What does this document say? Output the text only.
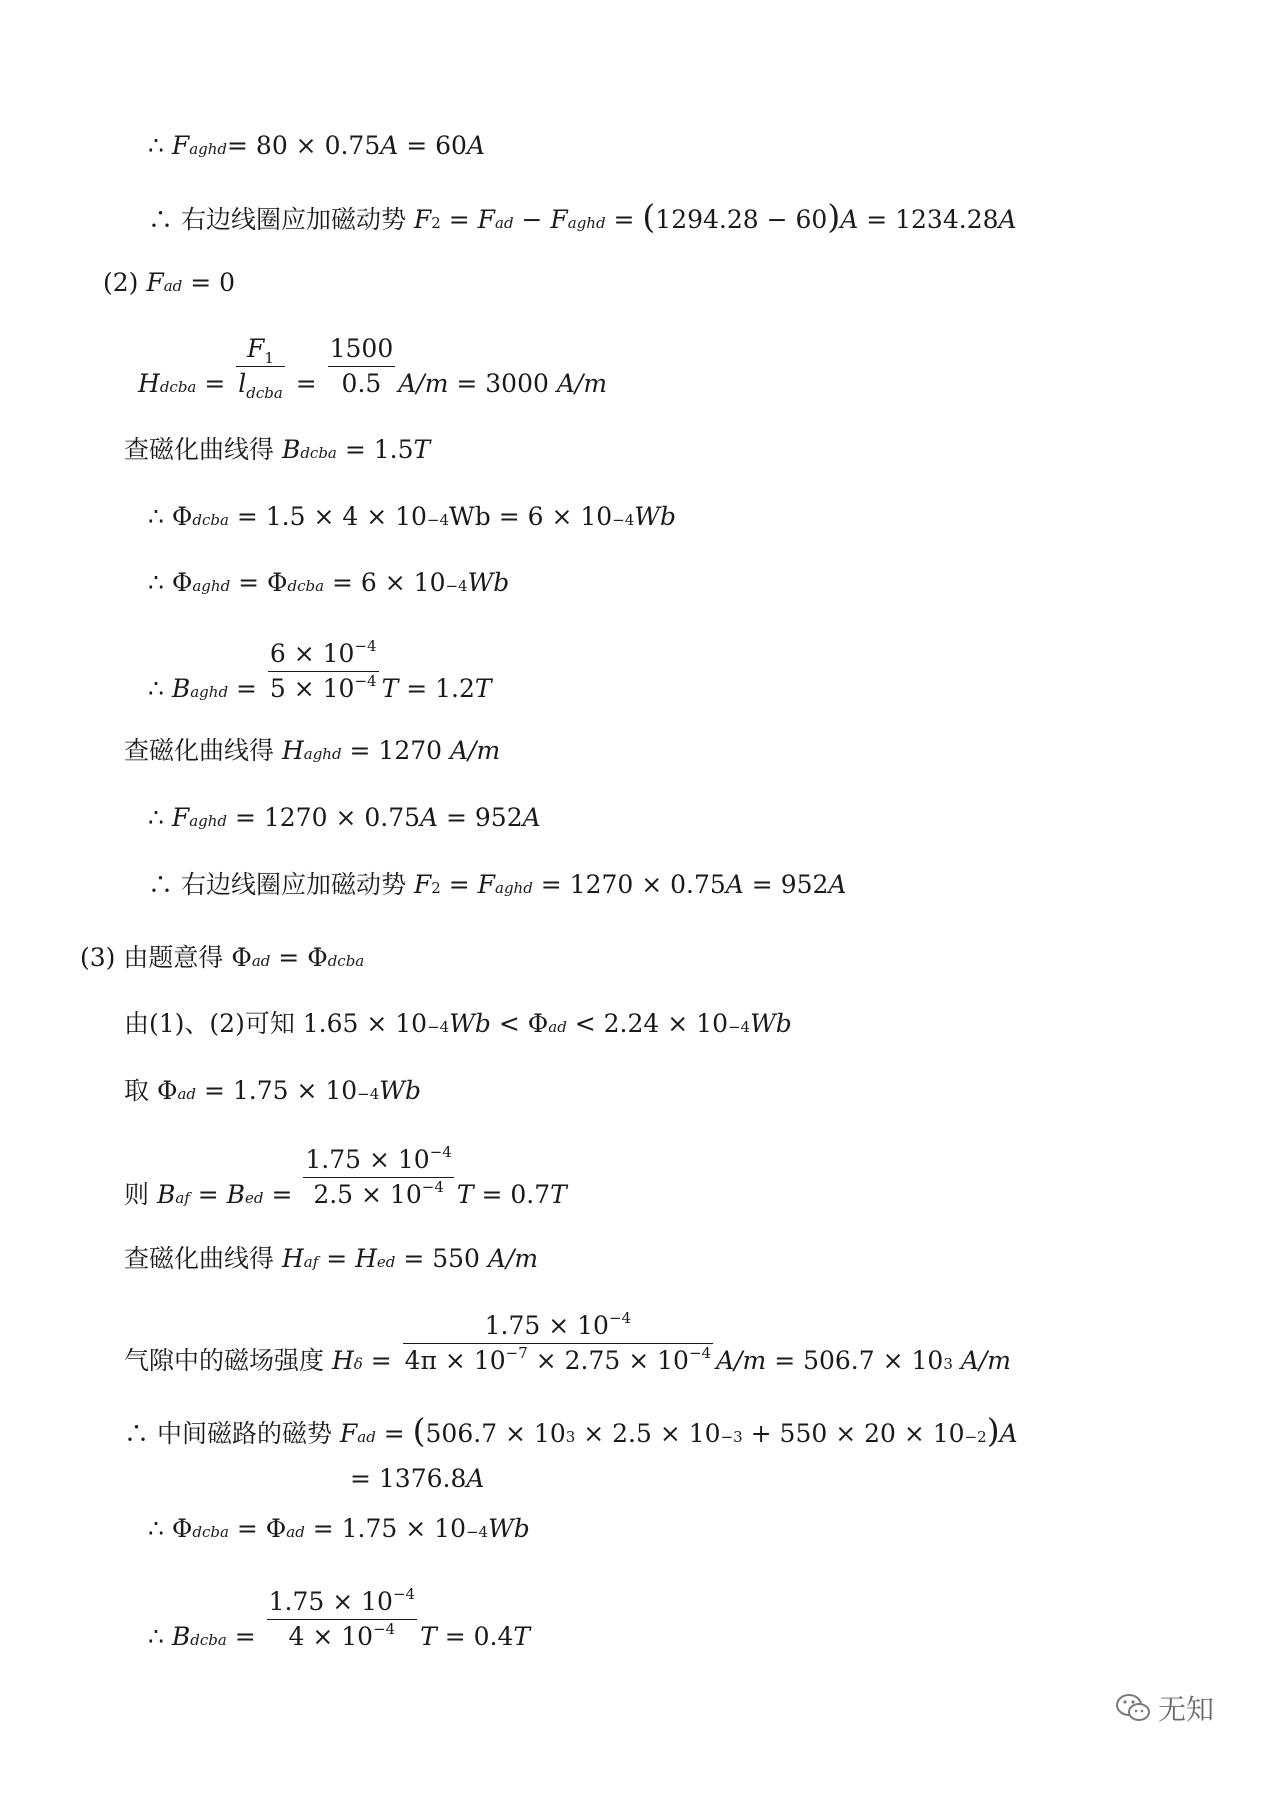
∴ Faghd= 80 × 0.75A = 60A
∴ 右边线圈应加磁动势 F2 = Fad − Faghd = (1294.28 − 60)A = 1234.28A
(2) Fad = 0
Hdcba = $\frac{F_1}{l_{dcba}} = \frac{1500}{0.5} A/m = 3000$ A/m
查磁化曲线得 Bdcba = 1.5T
∴ Φdcba = 1.5 × 4 × 10−4Wb = 6 × 10−4Wb
∴ Φaghd = Φdcba = 6 × 10−4Wb
∴ Baghd = $\frac{6 \times 10^{-4}}{5 \times 10^{-4}}$ T = 1.2T
查磁化曲线得 Haghd = 1270 A/m
∴ Faghd = 1270 × 0.75A = 952A
∴ 右边线圈应加磁动势 F2 = Faghd = 1270 × 0.75A = 952A
(3) 由题意得 Φad = Φdcba
由(1)、(2)可知 1.65 × 10−4Wb < Φad < 2.24 × 10−4Wb
取 Φad = 1.75 × 10−4Wb
则 Baf = Bed = $\frac{1.75 \times 10^{-4}}{2.5 \times 10^{-4}}$ T = 0.7T
查磁化曲线得 Haf = Hed = 550 A/m
气隙中的磁场强度 $H\delta = \frac{1.75 \times 10^{-4}}{4\pi \times 10^{-7} \times 2.75 \times 10^{-4}} A/m = 506.7 \times 103$ A/m
∴ 中间磁路的磁势 Fad = (506.7 × 103 × 2.5 × 10−3 + 550 × 20 × 10−2)A
= 1376.8A
∴ Φdcba = Φad = 1.75 × 10−4Wb
∴ Bdcba = $\frac{1.75 \times 10^{-4}}{4 \times 10^{-4}}$ T = 0.4T
无知
